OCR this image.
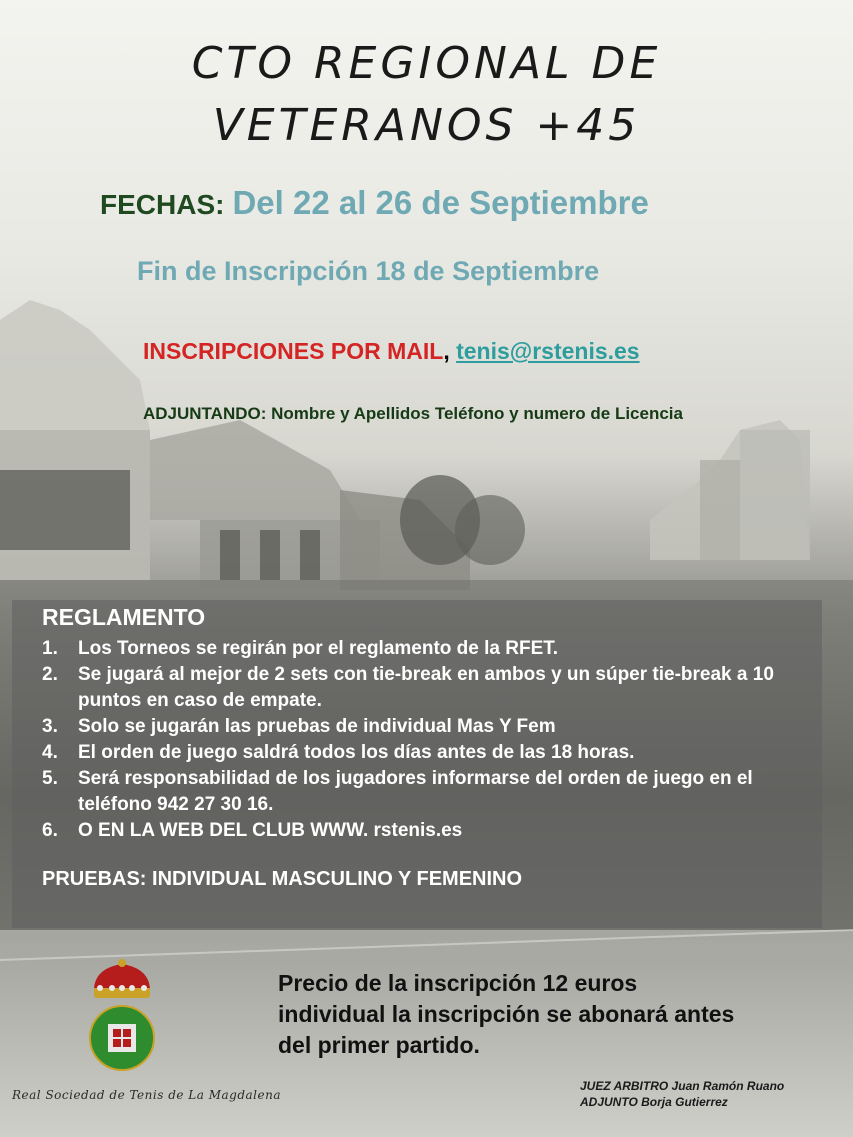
CTO REGIONAL DE
VETERANOS +45
FECHAS: Del 22 al 26 de Septiembre
Fin de Inscripción 18 de Septiembre
INSCRIPCIONES POR MAIL, tenis@rstenis.es
ADJUNTANDO: Nombre y Apellidos Teléfono y numero de Licencia
REGLAMENTO
1.	Los Torneos se regirán por el reglamento de la RFET.
2.	Se jugará al mejor de 2 sets con tie-break en ambos y un súper tie-break a 10 puntos en caso de empate.
3.	Solo se jugarán las pruebas de individual Mas Y Fem
4.	El orden de juego saldrá todos los días antes de las 18 horas.
5.	Será responsabilidad de los jugadores informarse del orden de juego en el teléfono 942 27 30 16.
6.	O EN LA WEB DEL CLUB WWW. rstenis.es
PRUEBAS: INDIVIDUAL MASCULINO Y FEMENINO
Precio de la inscripción 12 euros
individual la inscripción se abonará antes
del primer partido.
Real Sociedad de Tenis de La Magdalena
JUEZ ARBITRO Juan Ramón Ruano
ADJUNTO Borja Gutierrez
